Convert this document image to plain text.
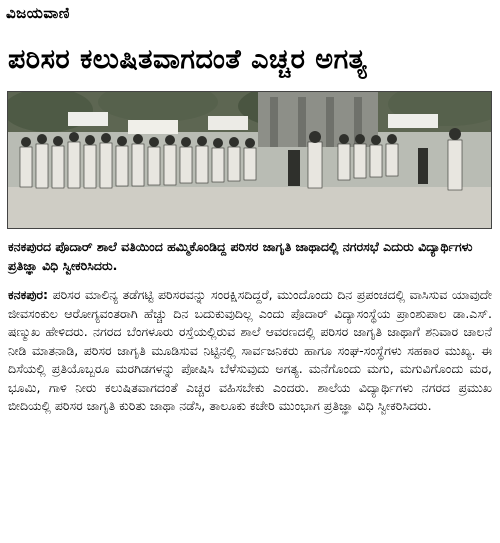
ವಿಜಯವಾಣಿ
ಪರಿಸರ ಕಲುಷಿತವಾಗದಂತೆ ಎಚ್ಚರ ಅಗತ್ಯ
ಕನಕಪುರದ ಪೊದಾರ್ ಶಾಲೆ ವತಿಯಿಂದ ಹಮ್ಮಿಕೊಂಡಿದ್ದ ಪರಿಸರ ಜಾಗೃತಿ ಜಾಥಾದಲ್ಲಿ ನಗರಸಭೆ ಎದುರು ವಿದ್ಯಾರ್ಥಿಗಳು ಪ್ರತಿಜ್ಞಾ ವಿಧಿ ಸ್ವೀಕರಿಸಿದರು.
ಕನಕಪುರ: ಪರಿಸರ ಮಾಲಿನ್ಯ ತಡೆಗಟ್ಟಿ ಪರಿಸರವನ್ನು ಸಂರಕ್ಷಿಸದಿದ್ದರೆ, ಮುಂದೊಂದು ದಿನ ಪ್ರಪಂಚದಲ್ಲಿ ವಾಸಿಸುವ ಯಾವುದೇ ಜೀವಸಂಕುಲ ಆರೋಗ್ಯವಂತರಾಗಿ ಹೆಚ್ಚು ದಿನ ಬದುಕುವುದಿಲ್ಲ ಎಂದು ಪೊದಾರ್ ವಿದ್ಯಾಸಂಸ್ಥೆಯ ಪ್ರಾಂಶುಪಾಲ ಡಾ.ಎಸ್. ಷಣ್ಮುಖ ಹೇಳಿದರು. ನಗರದ ಬೆಂಗಳೂರು ರಸ್ತೆಯಲ್ಲಿರುವ ಶಾಲೆ ಆವರಣದಲ್ಲಿ ಪರಿಸರ ಜಾಗೃತಿ ಜಾಥಾಗೆ ಶನಿವಾರ ಚಾಲನೆ ನೀಡಿ ಮಾತನಾಡಿ, ಪರಿಸರ ಜಾಗೃತಿ ಮೂಡಿಸುವ ನಿಟ್ಟಿನಲ್ಲಿ ಸಾರ್ವಜನಿಕರು ಹಾಗೂ ಸಂಘ-ಸಂಸ್ಥೆಗಳು ಸಹಕಾರ ಮುಖ್ಯ. ಈ ದಿಸೆಯಲ್ಲಿ ಪ್ರತಿಯೊಬ್ಬರೂ ಮರಗಿಡಗಳನ್ನು ಪೋಷಿಸಿ ಬೆಳೆಸುವುದು ಅಗತ್ಯ. ಮನೆಗೊಂದು ಮಗು, ಮಗುವಿಗೊಂದು ಮರ, ಭೂಮಿ, ಗಾಳಿ ನೀರು ಕಲುಷಿತವಾಗದಂತೆ ಎಚ್ಚರ ವಹಿಸಬೇಕು ಎಂದರು. ಶಾಲೆಯ ವಿದ್ಯಾರ್ಥಿಗಳು ನಗರದ ಪ್ರಮುಖ ಬೀದಿಯಲ್ಲಿ ಪರಿಸರ ಜಾಗೃತಿ ಕುರಿತು ಜಾಥಾ ನಡೆಸಿ, ತಾಲೂಕು ಕಚೇರಿ ಮುಂಭಾಗ ಪ್ರತಿಜ್ಞಾ ವಿಧಿ ಸ್ವೀಕರಿಸಿದರು.
